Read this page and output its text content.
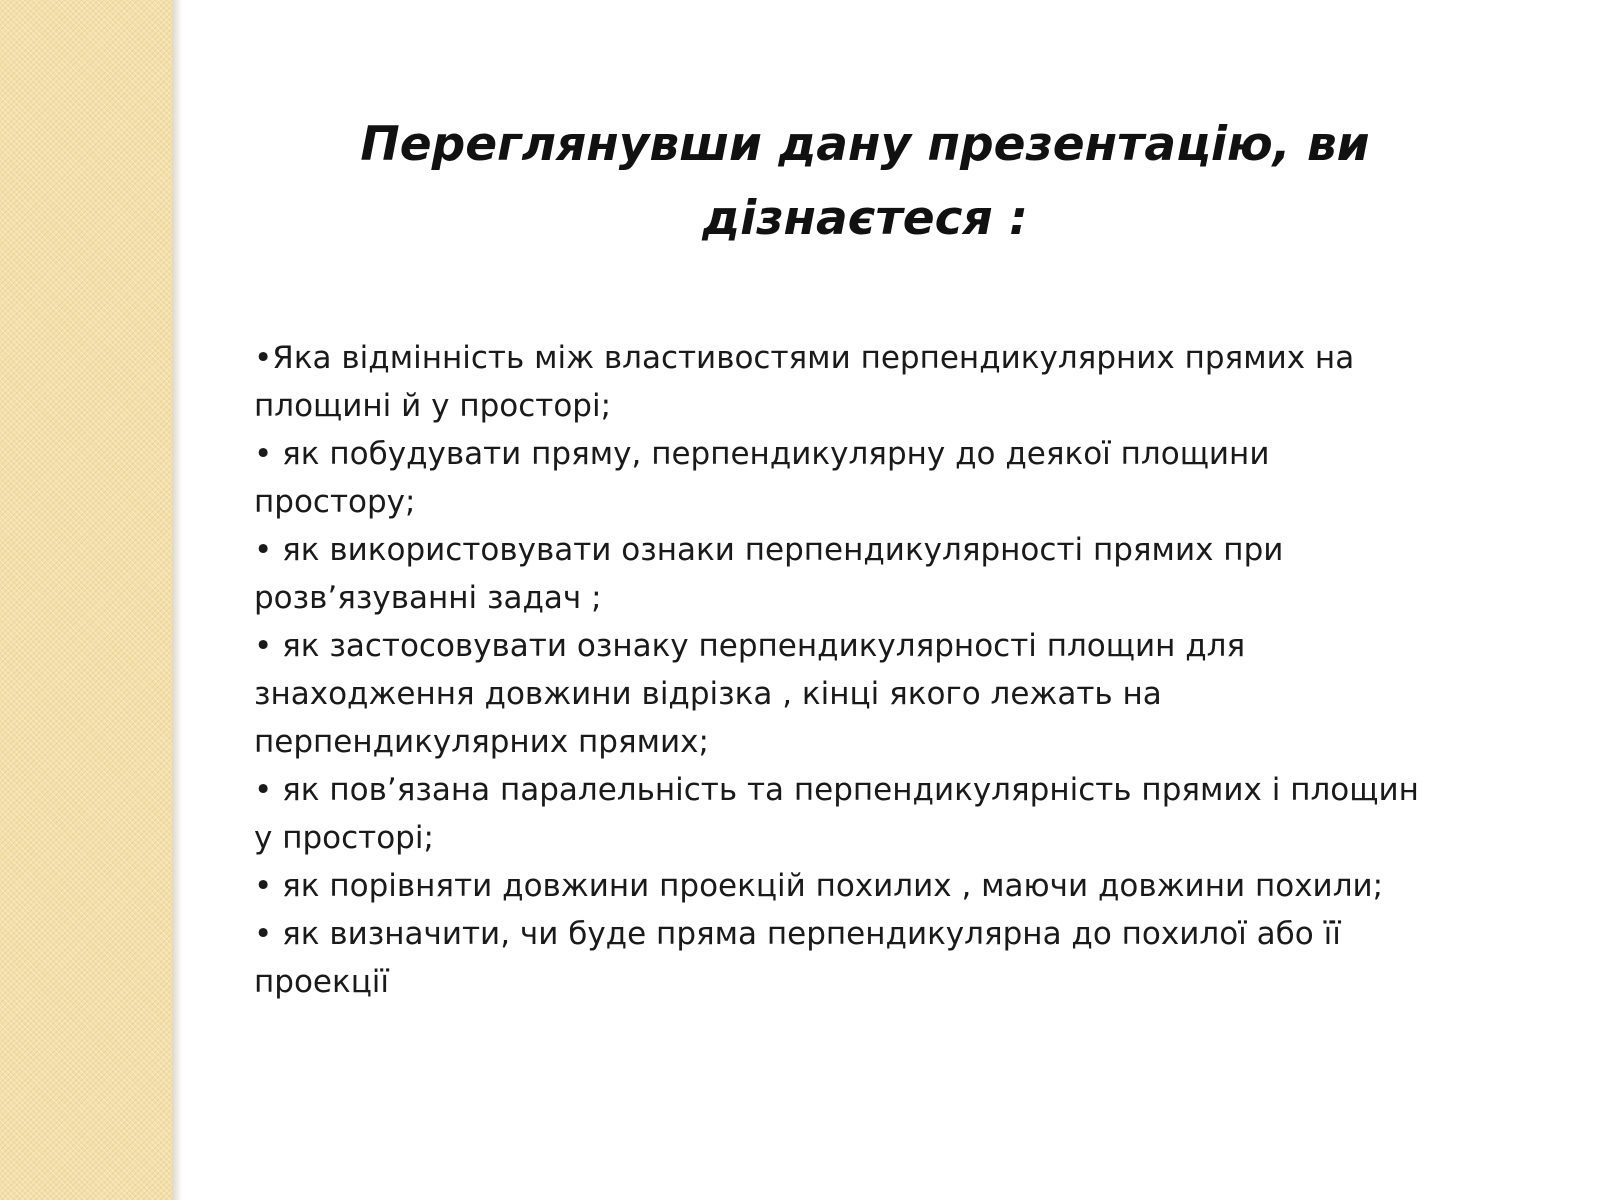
Переглянувши дану презентацію, ви
дізнаєтеся :
•Яка відмінність між властивостями перпендикулярних прямих на
площині й у просторі;
• як побудувати пряму, перпендикулярну до деякої площини
простору;
• як використовувати ознаки перпендикулярності прямих при
розв’язуванні задач ;
• як застосовувати ознаку перпендикулярності площин для
знаходження довжини відрізка , кінці якого лежать на
перпендикулярних прямих;
• як пов’язана паралельність та перпендикулярність прямих і площин
у просторі;
• як порівняти довжини проекцій похилих , маючи довжини похили;
• як визначити, чи буде пряма перпендикулярна до похилої або її
проекції
